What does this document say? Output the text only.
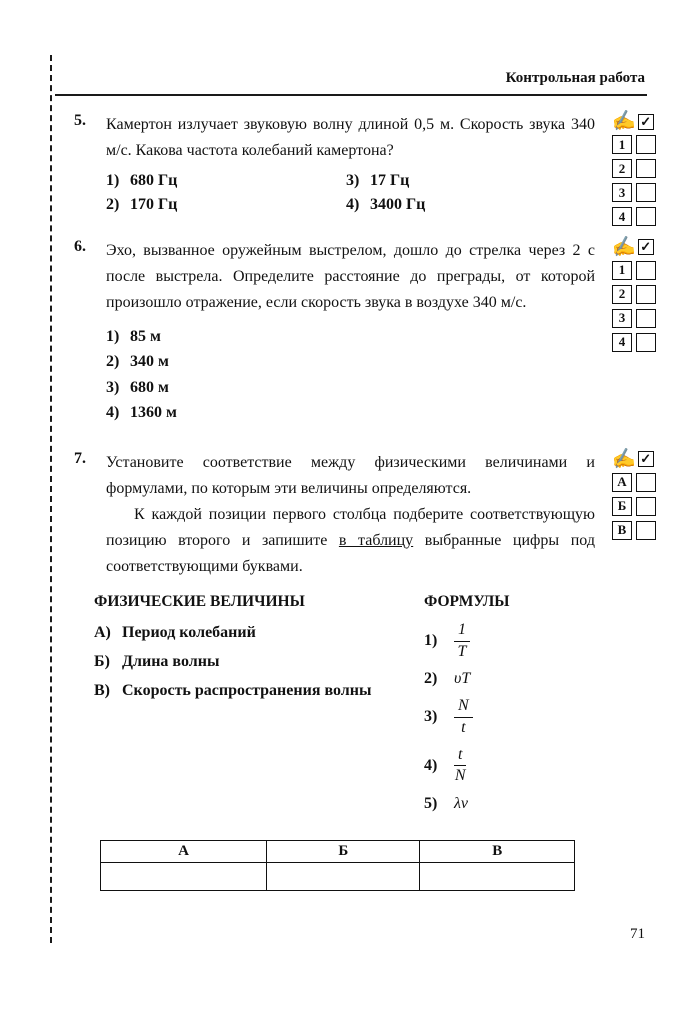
Контрольная работа
5. Камертон излучает звуковую волну длиной 0,5 м. Скорость звука 340 м/с. Какова частота колебаний камертона?

1) 680 Гц	3) 17 Гц
2) 170 Гц	4) 3400 Гц
✍ ✓
1
2
3
4
6. Эхо, вызванное оружейным выстрелом, дошло до стрелка через 2 с после выстрела. Определите расстояние до преграды, от которой произошло отражение, если скорость звука в воздухе 340 м/с.

1) 85 м
2) 340 м
3) 680 м
4) 1360 м
✍ ✓
1
2
3
4
7. Установите соответствие между физическими величинами и формулами, по которым эти величины определяются.

К каждой позиции первого столбца подберите соответствующую позицию второго и запишите в таблицу выбранные цифры под соответствующими буквами.

ФИЗИЧЕСКИЕ ВЕЛИЧИНЫ
А) Период колебаний
Б) Длина волны
В) Скорость распространения волны
ФОРМУЛЫ
1)	$\frac{1}{T}$
2)	υT
3)	$\frac{N}{t}$
4)	$\frac{t}{N}$
5)	λν
А	Б	В

✍ ✓
А
Б
В
71
